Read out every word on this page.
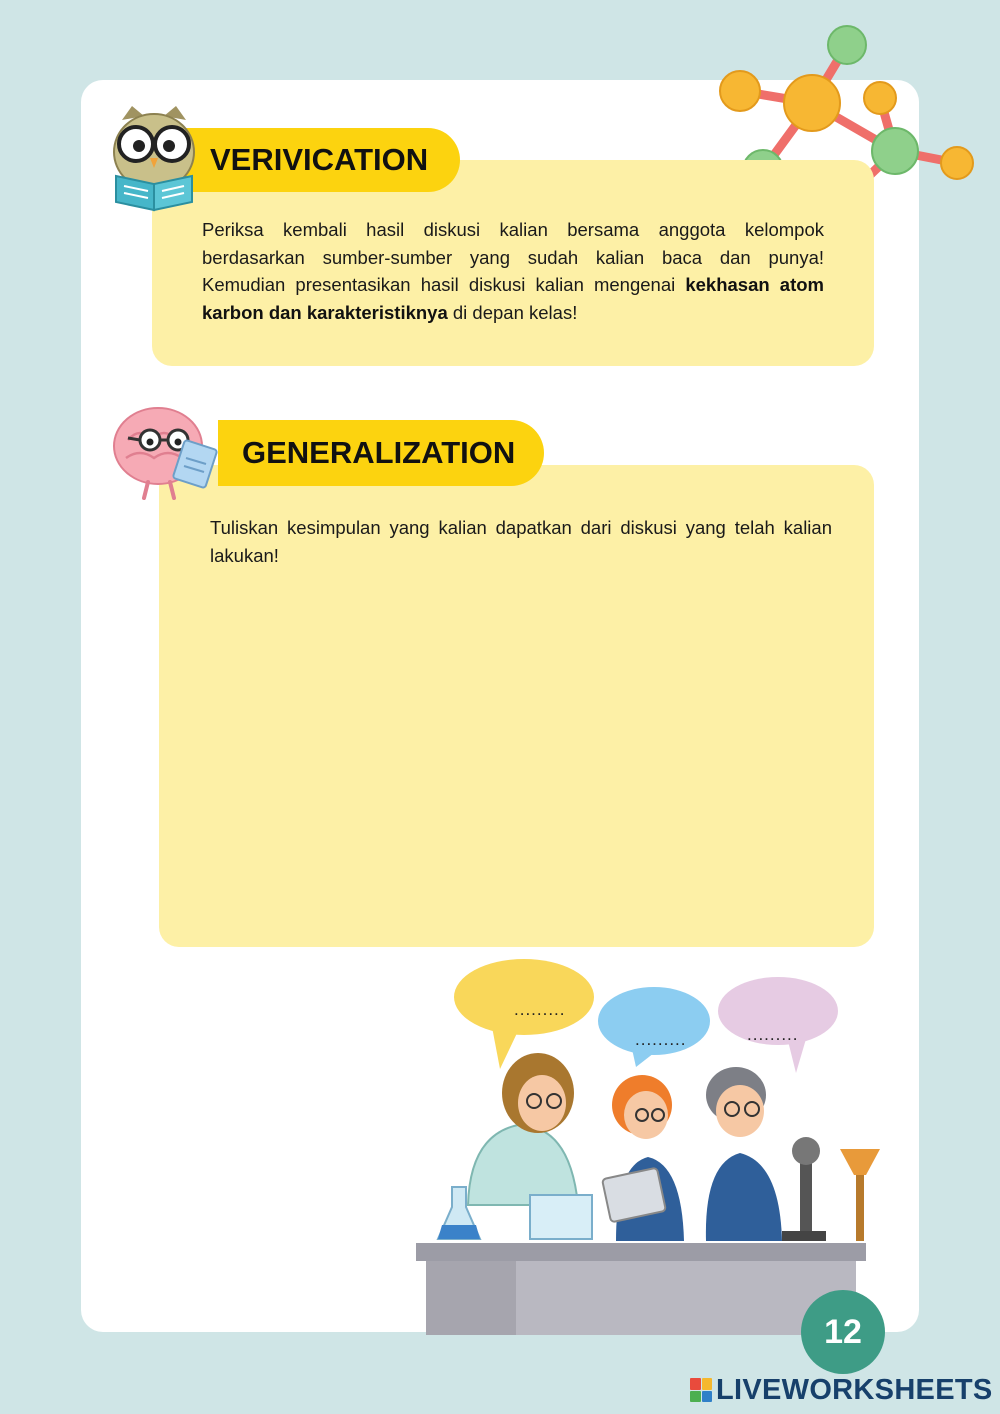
VERIVICATION

Periksa kembali hasil diskusi kalian bersama anggota kelompok berdasarkan sumber-sumber yang sudah kalian baca dan punya! Kemudian presentasikan hasil diskusi kalian mengenai kekhasan atom karbon dan karakteristiknya di depan kelas!

GENERALIZATION

Tuliskan kesimpulan yang kalian dapatkan dari diskusi yang telah kalian lakukan!

.........
.........	.........
12
LIVEWORKSHEETS
